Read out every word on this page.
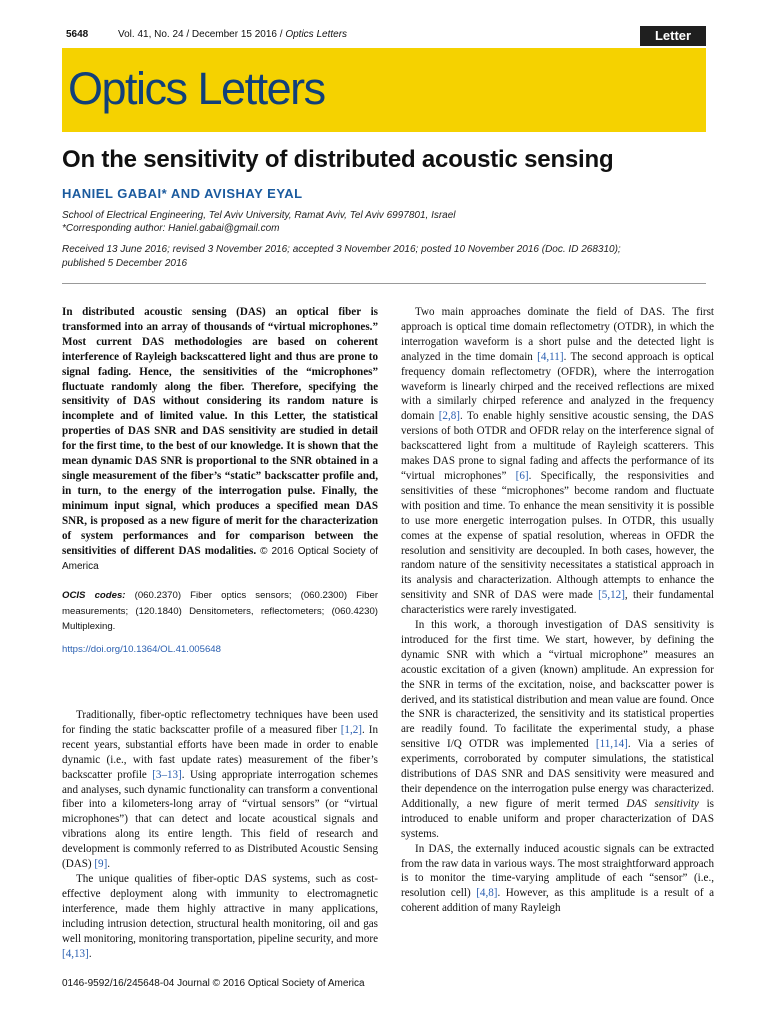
5648	Vol. 41, No. 24 / December 15 2016 / Optics Letters	Letter
Optics Letters
On the sensitivity of distributed acoustic sensing
HANIEL GABAI* AND AVISHAY EYAL
School of Electrical Engineering, Tel Aviv University, Ramat Aviv, Tel Aviv 6997801, Israel
*Corresponding author: Haniel.gabai@gmail.com
Received 13 June 2016; revised 3 November 2016; accepted 3 November 2016; posted 10 November 2016 (Doc. ID 268310); published 5 December 2016
In distributed acoustic sensing (DAS) an optical fiber is transformed into an array of thousands of “virtual microphones.” Most current DAS methodologies are based on coherent interference of Rayleigh backscattered light and thus are prone to signal fading. Hence, the sensitivities of the “microphones” fluctuate randomly along the fiber. Therefore, specifying the sensitivity of DAS without considering its random nature is incomplete and of limited value. In this Letter, the statistical properties of DAS SNR and DAS sensitivity are studied in detail for the first time, to the best of our knowledge. It is shown that the mean dynamic DAS SNR is proportional to the SNR obtained in a single measurement of the fiber’s “static” backscatter profile and, in turn, to the energy of the interrogation pulse. Finally, the minimum input signal, which produces a specified mean DAS SNR, is proposed as a new figure of merit for the characterization of system performances and for comparison between the sensitivities of different DAS modalities. © 2016 Optical Society of America
OCIS codes: (060.2370) Fiber optics sensors; (060.2300) Fiber measurements; (120.1840) Densitometers, reflectometers; (060.4230) Multiplexing.
https://doi.org/10.1364/OL.41.005648

Traditionally, fiber-optic reflectometry techniques have been used for finding the static backscatter profile of a measured fiber [1,2]. In recent years, substantial efforts have been made in order to enable dynamic (i.e., with fast update rates) measurement of the fiber’s backscatter profile [3–13]. Using appropriate interrogation schemes and analyses, such dynamic functionality can transform a conventional fiber into a kilometers-long array of “virtual sensors” (or “virtual microphones”) that can detect and locate acoustical signals and vibrations along its entire length. This field of research and development is commonly referred to as Distributed Acoustic Sensing (DAS) [9].

The unique qualities of fiber-optic DAS systems, such as cost-effective deployment along with immunity to electromagnetic interference, made them highly attractive in many applications, including intrusion detection, structural health monitoring, oil and gas well monitoring, monitoring transportation, pipeline security, and more [4,13].

Two main approaches dominate the field of DAS. The first approach is optical time domain reflectometry (OTDR), in which the interrogation waveform is a short pulse and the detected light is analyzed in the time domain [4,11]. The second approach is optical frequency domain reflectometry (OFDR), where the interrogation waveform is linearly chirped and the received reflections are mixed with a similarly chirped reference and analyzed in the frequency domain [2,8]. To enable highly sensitive acoustic sensing, the DAS versions of both OTDR and OFDR relay on the interference signal of backscattered light from a multitude of Rayleigh scatterers. This makes DAS prone to signal fading and affects the performance of its “virtual microphones” [6]. Specifically, the responsivities and sensitivities of these “microphones” become random and fluctuate with position and time. To enhance the mean sensitivity it is possible to use more energetic interrogation pulses. In OTDR, this usually comes at the expense of spatial resolution, whereas in OFDR the resolution and sensitivity are decoupled. In both cases, however, the random nature of the sensitivity necessitates a statistical approach in its analysis and characterization. Although attempts to enhance the sensitivity and SNR of DAS were made [5,12], their fundamental characteristics were rarely investigated.

In this work, a thorough investigation of DAS sensitivity is introduced for the first time. We start, however, by defining the dynamic SNR with which a “virtual microphone” measures an acoustic excitation of a given (known) amplitude. An expression for the SNR in terms of the excitation, noise, and backscatter power is derived, and its statistical distribution and mean value are found. Once the SNR is characterized, the sensitivity and its statistical properties are readily found. To facilitate the experimental study, a phase sensitive I/Q OTDR was implemented [11,14]. Via a series of experiments, corroborated by computer simulations, the statistical distributions of DAS SNR and DAS sensitivity were measured and their dependence on the interrogation pulse energy was characterized. Additionally, a new figure of merit termed DAS sensitivity is introduced to enable uniform and proper characterization of DAS systems.

In DAS, the externally induced acoustic signals can be extracted from the raw data in various ways. The most straightforward approach is to monitor the time-varying amplitude of each “sensor” (i.e., resolution cell) [4,8]. However, as this amplitude is a result of a coherent addition of many Rayleigh

0146-9592/16/245648-04 Journal © 2016 Optical Society of America
